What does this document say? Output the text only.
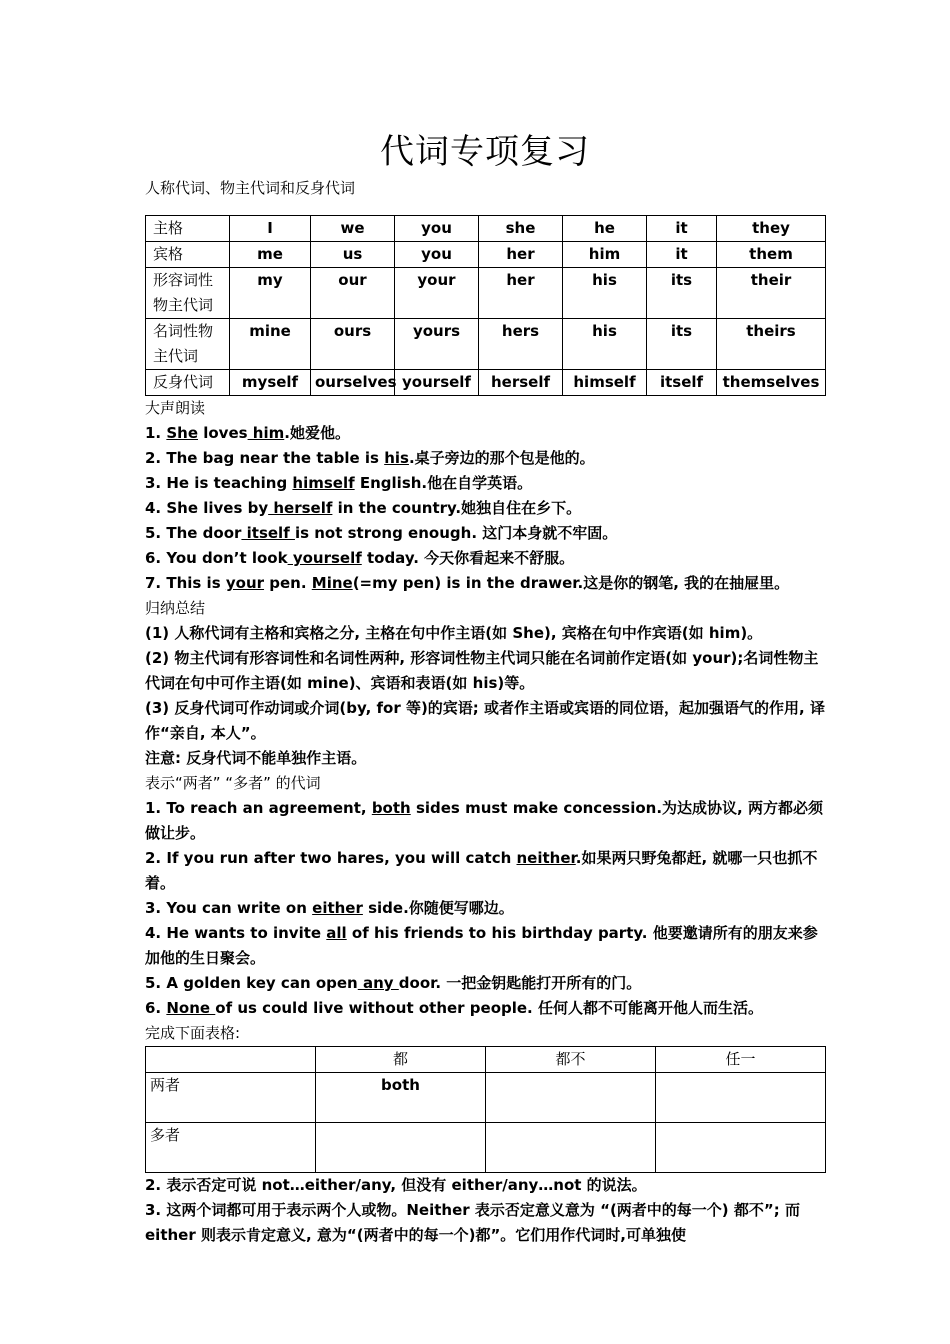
代词专项复习
人称代词、物主代词和反身代词
主格	I	we	you	she	he	it	they
宾格	me	us	you	her	him	it	them
形容词性物主代词	my	our	your	her	his	its	their
名词性物主代词	mine	ours	yours	hers	his	its	theirs
反身代词	myself	ourselves	yourself	herself	himself	itself	themselves
大声朗读
1. She loves him.她爱他。
2. The bag near the table is his.桌子旁边的那个包是他的。
3. He is teaching himself English.他在自学英语。
4. She lives by herself in the country.她独自住在乡下。
5. The door itself is not strong enough. 这门本身就不牢固。
6. You don’t look yourself today. 今天你看起来不舒服。
7. This is your pen. Mine(=my pen) is in the drawer.这是你的钢笔, 我的在抽屉里。
归纳总结
(1) 人称代词有主格和宾格之分, 主格在句中作主语(如 She), 宾格在句中作宾语(如 him)。
(2) 物主代词有形容词性和名词性两种, 形容词性物主代词只能在名词前作定语(如 your);名词性物主代词在句中可作主语(如 mine)、宾语和表语(如 his)等。
(3) 反身代词可作动词或介词(by, for 等)的宾语; 或者作主语或宾语的同位语，起加强语气的作用, 译作“亲自, 本人”。
注意: 反身代词不能单独作主语。
表示“两者” “多者” 的代词
1. To reach an agreement, both sides must make concession.为达成协议, 两方都必须做让步。
2. If you run after two hares, you will catch neither.如果两只野兔都赶, 就哪一只也抓不着。
3. You can write on either side.你随便写哪边。
4. He wants to invite all of his friends to his birthday party. 他要邀请所有的朋友来参加他的生日聚会。
5. A golden key can open any door. 一把金钥匙能打开所有的门。
6. None of us could live without other people. 任何人都不可能离开他人而生活。
完成下面表格:
	都	都不	任一
两者	both		
多者			
2. 表示否定可说 not…either/any, 但没有 either/any…not 的说法。
3. 这两个词都可用于表示两个人或物。Neither 表示否定意义意为 “(两者中的每一个) 都不”; 而 either 则表示肯定意义, 意为“(两者中的每一个)都”。它们用作代词时,可单独使
